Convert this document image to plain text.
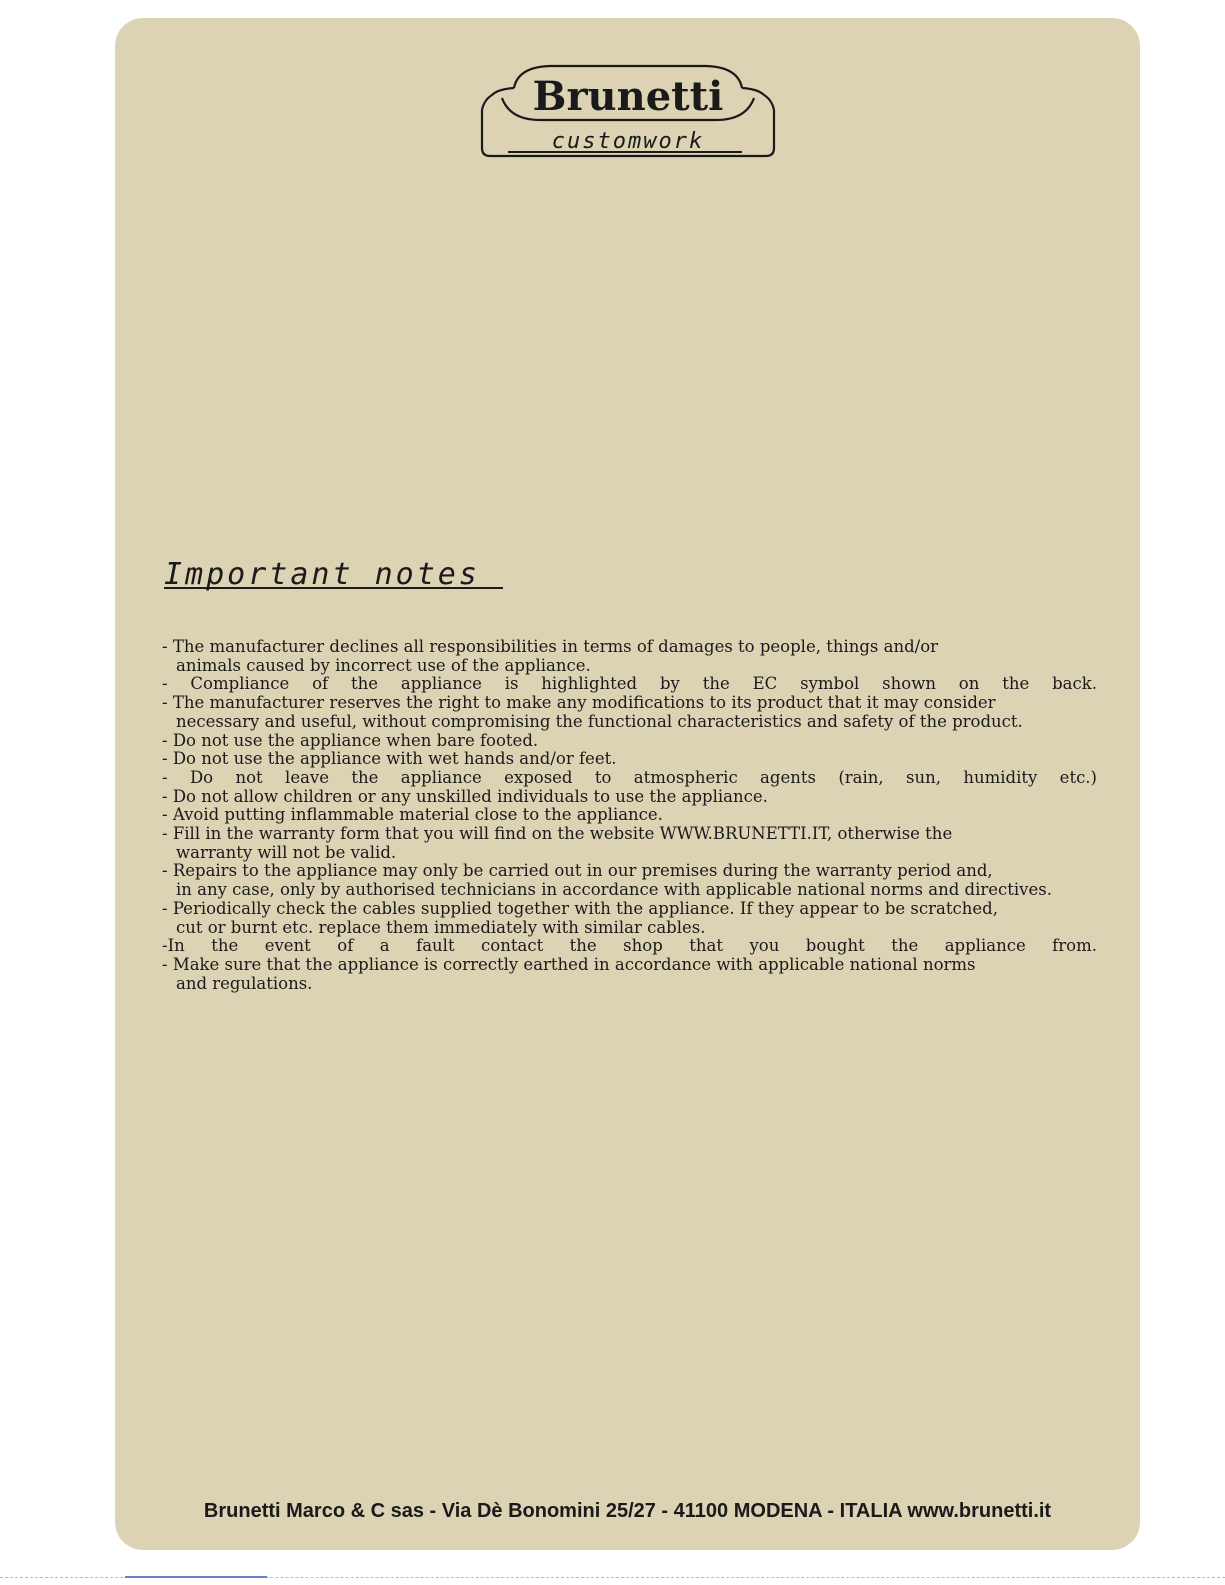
Brunetti
customwork
Important notes
- The manufacturer declines all responsibilities in terms of damages to people, things and/or
animals caused by incorrect use of the appliance.
- Compliance of the appliance is highlighted by the EC symbol shown on the back.
- The manufacturer reserves the right to make any modifications to its product that it may consider
necessary and useful, without compromising the functional characteristics and safety of the product.
- Do not use the appliance when bare footed.
- Do not use the appliance with wet hands and/or feet.
- Do not leave the appliance exposed to atmospheric agents (rain, sun, humidity etc.)
- Do not allow children or any unskilled individuals to use the appliance.
- Avoid putting inflammable material close to the appliance.
- Fill in the warranty form that you will find on the website WWW.BRUNETTI.IT, otherwise the
warranty will not be valid.
- Repairs to the appliance may only be carried out in our premises during the warranty period and,
in any case, only by authorised technicians in accordance with applicable national norms and directives.
- Periodically check the cables supplied together with the appliance. If they appear to be scratched,
cut or burnt etc. replace them immediately with similar cables.
-In the event of a fault contact the shop that you bought the appliance from.
- Make sure that the appliance is correctly earthed in accordance with applicable national norms
and regulations.
Brunetti Marco & C sas - Via Dè Bonomini 25/27 - 41100 MODENA - ITALIA www.brunetti.it
